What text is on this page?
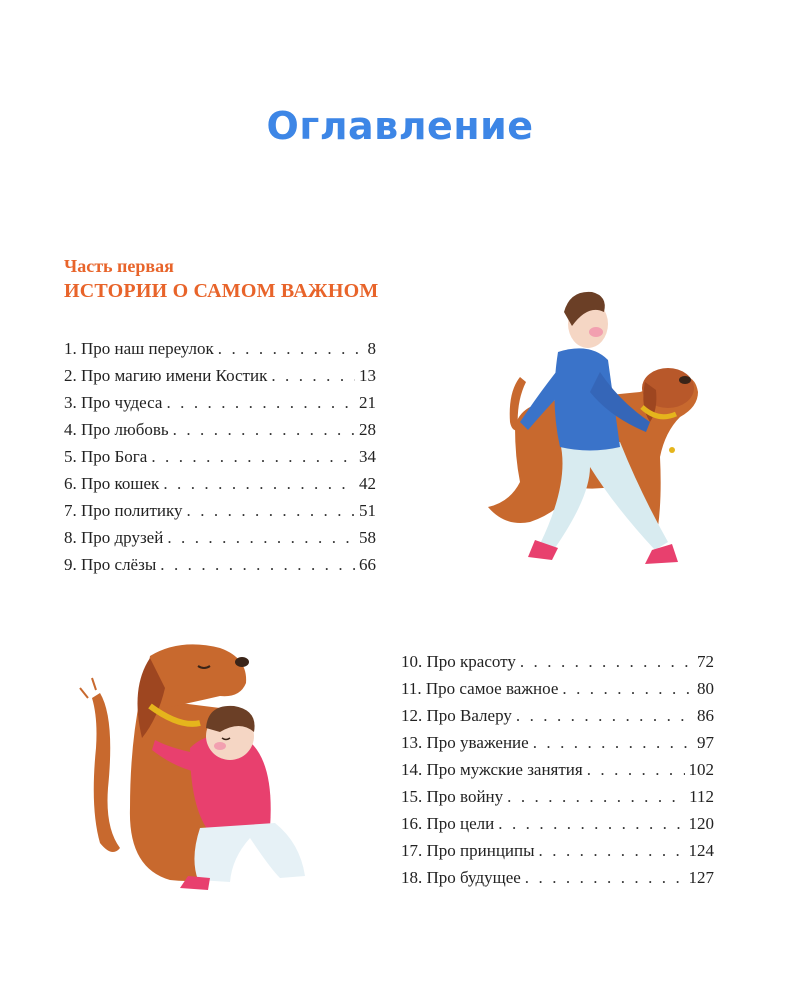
Оглавление
Часть первая
ИСТОРИИ О САМОМ ВАЖНОМ
1. Про наш переулок . . .	8
2. Про магию имени Костик . . .	13
3. Про чудеса . . .	21
4. Про любовь . . .	28
5. Про Бога . . .	34
6. Про кошек . . .	42
7. Про политику . . .	51
8. Про друзей . . .	58
9. Про слёзы . . .	66
10. Про красоту . . .	72
11. Про самое важное . . .	80
12. Про Валеру . . .	86
13. Про уважение . . .	97
14. Про мужские занятия . . .	102
15. Про войну . . .	112
16. Про цели . . .	120
17. Про принципы . . .	124
18. Про будущее . . .	127
